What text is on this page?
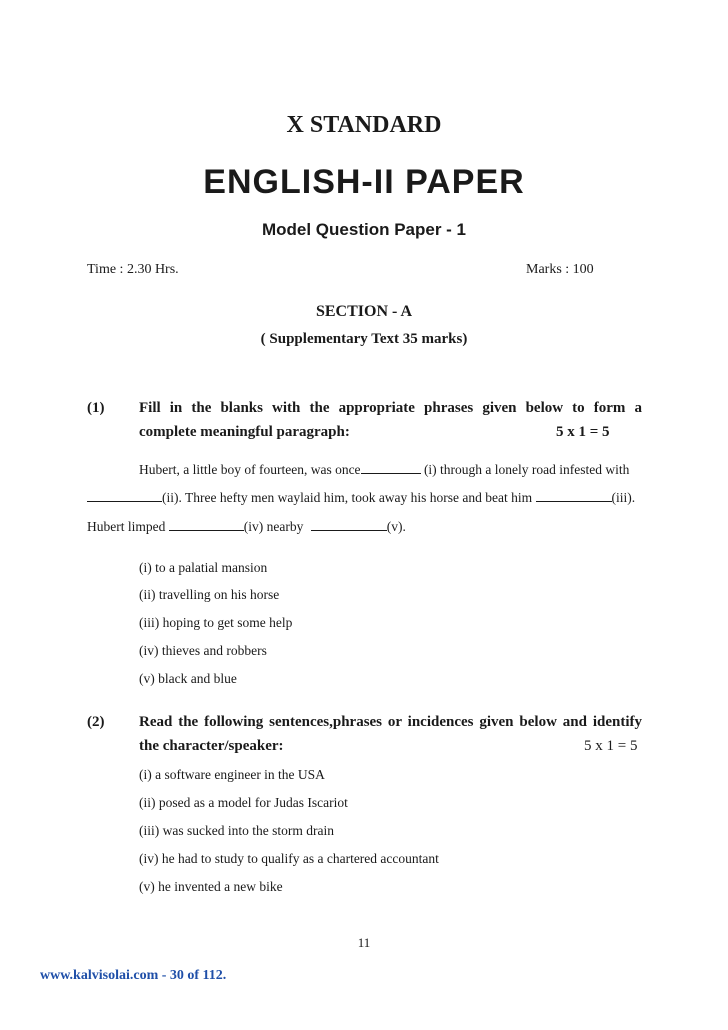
X STANDARD
ENGLISH-II PAPER
Model Question Paper - 1
Time : 2.30 Hrs.	Marks : 100
SECTION - A
( Supplementary Text 35 marks)
(1) Fill in the blanks with the appropriate phrases given below to form a
complete meaningful paragraph:	5 x 1 = 5
Hubert, a little boy of fourteen, was once	(i) through a lonely road infested with
(ii). Three hefty men waylaid him, took away his horse and beat him	(iii).
Hubert limped	(iv) nearby	(v).
(i) to a palatial mansion
(ii) travelling on his horse
(iii) hoping to get some help
(iv) thieves and robbers
(v) black and blue
(2) Read the following sentences,phrases or incidences given below and identify
the character/speaker:	5 x 1 = 5
(i) a software engineer in the USA
(ii) posed as a model for Judas Iscariot
(iii) was sucked into the storm drain
(iv) he had to study to qualify as a chartered accountant
(v) he invented a new bike
11
www.kalvisolai.com - 30 of 112.
